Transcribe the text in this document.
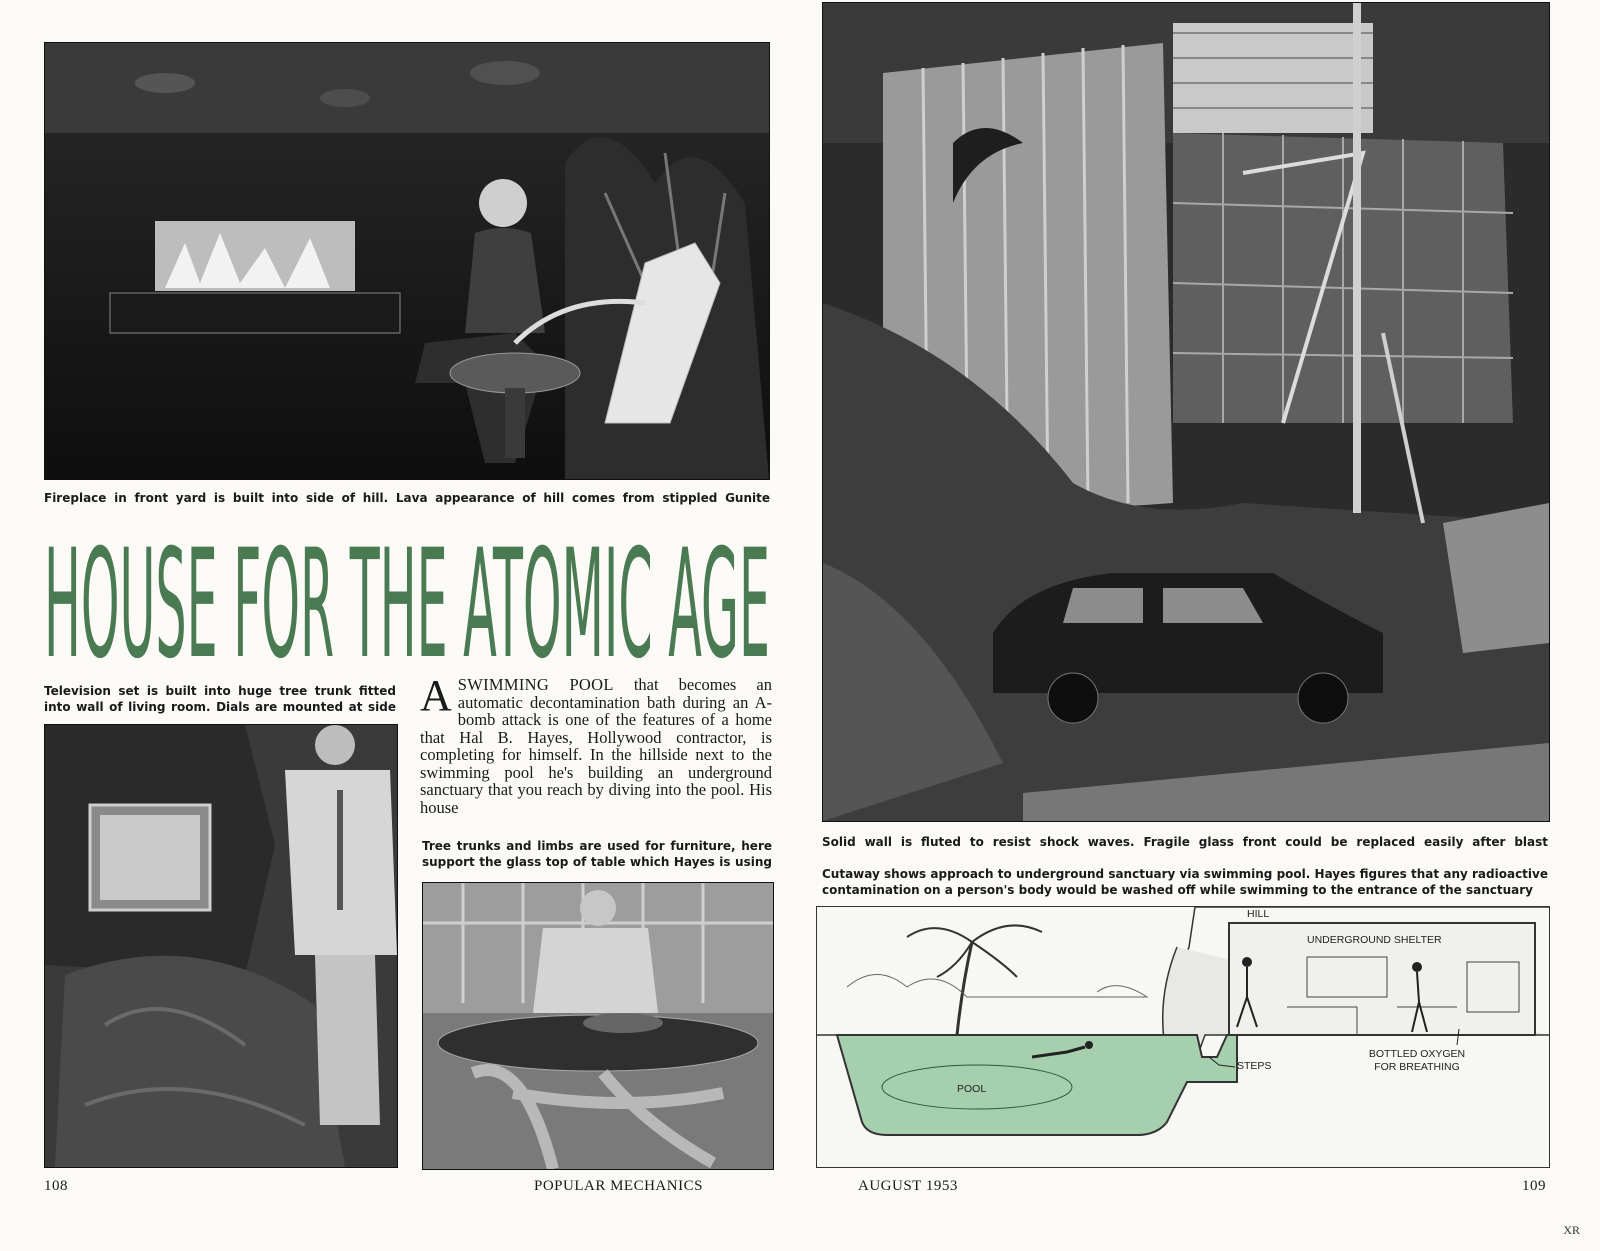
Fireplace in front yard is built into side of hill. Lava appearance of hill comes from stippled Gunite

HOUSE FOR THE ATOMIC AGE

Television set is built into huge tree trunk fitted into wall of living room. Dials are mounted at side ASWIMMING POOL that becomes an automatic decontamination bath during an A-bomb attack is one of the features of a home that Hal B. Hayes, Hollywood contractor, is completing for himself. In the hillside next to the swimming pool he's building an underground sanctuary that you reach by diving into the pool. His house

Tree trunks and limbs are used for furniture, here support the glass top of table which Hayes is using

Solid wall is fluted to resist shock waves. Fragile glass front could be replaced easily after blast

Cutaway shows approach to underground sanctuary via swimming pool. Hayes figures that any radioactive contamination on a person's body would be washed off while swimming to the entrance of the sanctuary

HILL
UNDERGROUND SHELTER
POOL
STEPS
BOTTLED OXYGEN
FOR BREATHING

108	POPULAR MECHANICS	AUGUST 1953	109

XR
